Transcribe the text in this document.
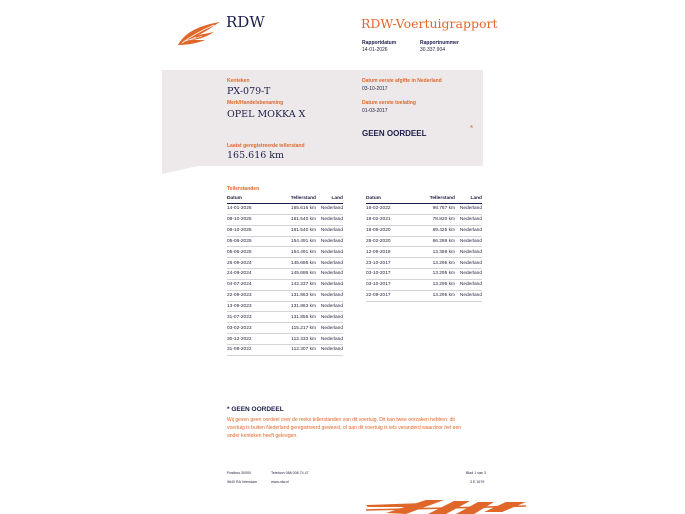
RDW	RDW-Voertuigrapport
Rapportdatum
14-01-2026
Rapportnummer
30.337.904
Kenteken
PX-079-T
Merk/Handelsbenaming
OPEL MOKKA X
Laatst geregistreerde tellerstand
165.616 km
Datum eerste afgifte in Nederland
03-10-2017
Datum eerste toelating
01-03-2017
GEEN OORDEEL
*
Tellerstanden
Datum	Tellerstand	Land
14-01-2026	165.616 km	Nederland
08-10-2025	161.540 km	Nederland
08-10-2025	161.540 km	Nederland
05-06-2025	154.491 km	Nederland
05-06-2025	154.491 km	Nederland
26-09-2024	145.686 km	Nederland
24-09-2024	145.686 km	Nederland
04-07-2024	142.337 km	Nederland
22-09-2023	131.863 km	Nederland
13-09-2023	131.863 km	Nederland
31-07-2023	131.856 km	Nederland
03-02-2023	115.217 km	Nederland
30-12-2022	112.333 km	Nederland
31-08-2022	112.307 km	Nederland
Datum	Tellerstand	Land
16-02-2022	98.767 km	Nederland
19-02-2021	78.820 km	Nederland
18-06-2020	69.425 km	Nederland
28-02-2020	66.288 km	Nederland
12-09-2018	13.359 km	Nederland
23-10-2017	13.295 km	Nederland
03-10-2017	13.295 km	Nederland
03-10-2017	13.295 km	Nederland
22-09-2017	13.295 km	Nederland
* GEEN OORDEEL
Wij geven geen oordeel over de reeks tellerstanden van dit voertuig. Dit kan twee oorzaken hebben: dit
voertuig is buiten Nederland geregistreerd geweest, of aan dit voertuig is iets veranderd waardoor het een
ander kenteken heeft gekregen.
Postbus 30000
9640 RA Veendam
Telefoon 088 008 74 47
www.rdw.nl
Blad 1 van 3
3 E 1679
